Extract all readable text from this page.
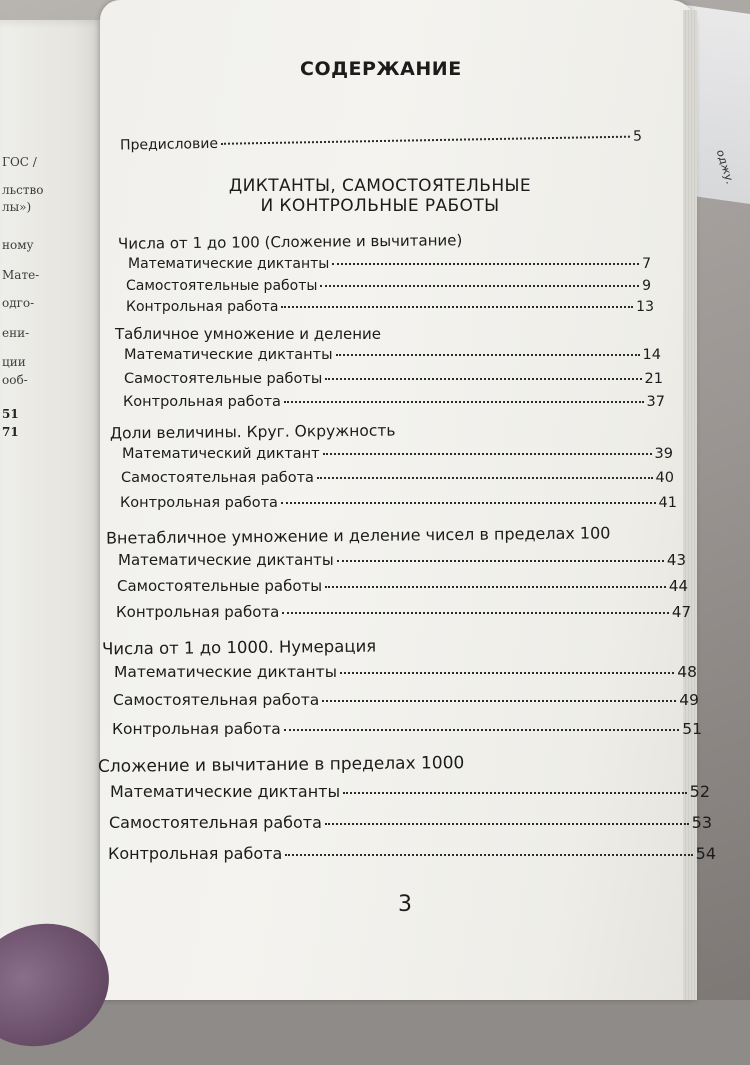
оджу.
ГОС /
льство
лы»)
ному
Мате-
одго-
ени-
ции
ооб-
51
71
СОДЕРЖАНИЕ
Предисловие	5
ДИКТАНТЫ, САМОСТОЯТЕЛЬНЫЕ
И КОНТРОЛЬНЫЕ РАБОТЫ
Числа от 1 до 100 (Сложение и вычитание)
Математические диктанты	7
Самостоятельные работы	9
Контрольная работа	13
Табличное умножение и деление
Математические диктанты	14
Самостоятельные работы	21
Контрольная работа	37
Доли величины. Круг. Окружность
Математический диктант	39
Самостоятельная работа	40
Контрольная работа	41
Внетабличное умножение и деление чисел в пределах 100
Математические диктанты	43
Самостоятельные работы	44
Контрольная работа	47
Числа от 1 до 1000. Нумерация
Математические диктанты	48
Самостоятельная работа	49
Контрольная работа	51
Сложение и вычитание в пределах 1000
Математические диктанты	52
Самостоятельная работа	53
Контрольная работа	54
3
